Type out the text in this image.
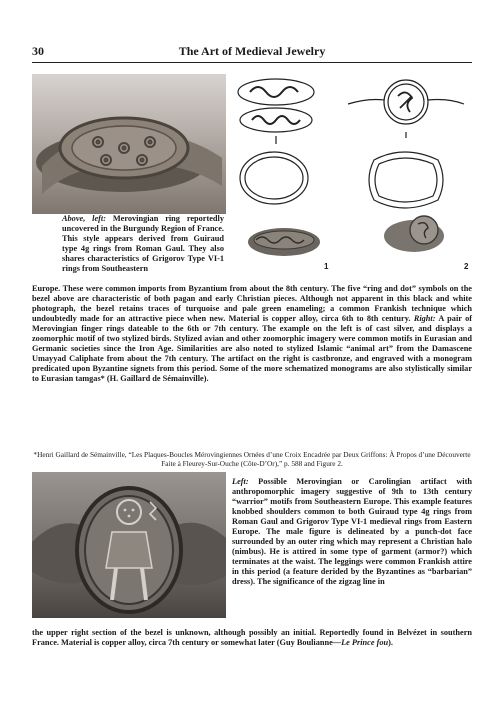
30	The Art of Medieval Jewelry
1	2

Above, left: Merovingian ring reportedly uncovered in the Burgundy Region of France. This style appears derived from Guiraud type 4g rings from Roman Gaul. They also shares characteristics of Grigorov Type VI-1 rings from Southeastern

Europe. These were common imports from Byzantium from about the 8th century. The five “ring and dot” symbols on the bezel above are characteristic of both pagan and early Christian pieces. Although not apparent in this black and white photograph, the bezel retains traces of turquoise and pale green enameling; a common Frankish technique which undoubtedly made for an attractive piece when new. Material is copper alloy, circa 6th to 8th century. Right: A pair of Merovingian finger rings dateable to the 6th or 7th century. The example on the left is of cast silver, and displays a zoomorphic motif of two stylized birds. Stylized avian and other zoomorphic imagery were common motifs in Eurasian and Germanic societies since the Iron Age. Similarities are also noted to stylized Islamic “animal art” from the Damascene Umayyad Caliphate from about the 7th century. The artifact on the right is castbronze, and engraved with a monogram predicated upon Byzantine signets from this period. Some of the more schematized monograms are also stylistically similar to Eurasian tamgas* (H. Gaillard de Sémainville).

*Henri Gaillard de Sémainville, “Les Plaques-Boucles Mérovingiennes Ornées d’une Croix Encadrée par Deux Griffons: À Propos d’une Découverte Faite à Fleurey-Sur-Ouche (Côte-D’Or),” p. 588 and Figure 2.

Left: Possible Merovingian or Carolingian artifact with anthropomorphic imagery suggestive of 9th to 13th century “warrior” motifs from Southeastern Europe. This example features knobbed shoulders common to both Guiraud type 4g rings from Roman Gaul and Grigorov Type VI-1 medieval rings from Eastern Europe. The male figure is delineated by a punch-dot face surrounded by an outer ring which may represent a Christian halo (nimbus). He is attired in some type of garment (armor?) which terminates at the waist. The leggings were common Frankish attire in this period (a feature derided by the Byzantines as “barbarian” dress). The significance of the zigzag line in

the upper right section of the bezel is unknown, although possibly an initial. Reportedly found in Belvézet in southern France. Material is copper alloy, circa 7th century or somewhat later (Guy Boulianne—Le Prince fou).
